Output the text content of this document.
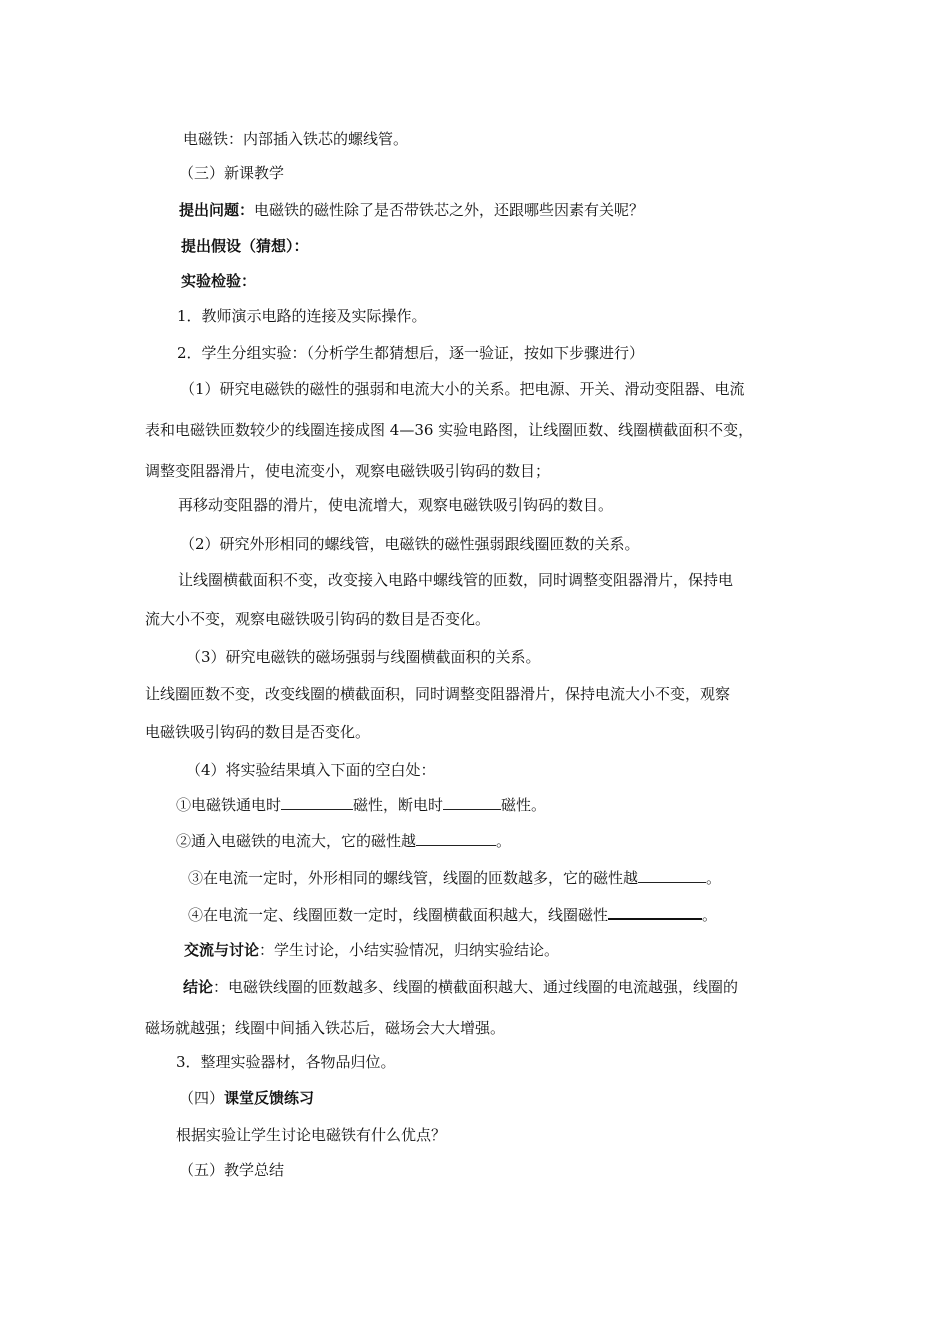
电磁铁：内部插入铁芯的螺线管。
（三）新课教学
提出问题：电磁铁的磁性除了是否带铁芯之外，还跟哪些因素有关呢？
提出假设（猜想）：
实验检验：
1．教师演示电路的连接及实际操作。
2．学生分组实验：（分析学生都猜想后，逐一验证，按如下步骤进行）
（1）研究电磁铁的磁性的强弱和电流大小的关系。把电源、开关、滑动变阻器、电流
表和电磁铁匝数较少的线圈连接成图 4—36 实验电路图，让线圈匝数、线圈横截面积不变，
调整变阻器滑片，使电流变小，观察电磁铁吸引钩码的数目；
再移动变阻器的滑片，使电流增大，观察电磁铁吸引钩码的数目。
（2）研究外形相同的螺线管，电磁铁的磁性强弱跟线圈匝数的关系。
让线圈横截面积不变，改变接入电路中螺线管的匝数，同时调整变阻器滑片，保持电
流大小不变，观察电磁铁吸引钩码的数目是否变化。
（3）研究电磁铁的磁场强弱与线圈横截面积的关系。
让线圈匝数不变，改变线圈的横截面积，同时调整变阻器滑片，保持电流大小不变，观察
电磁铁吸引钩码的数目是否变化。
（4）将实验结果填入下面的空白处：
①电磁铁通电时	磁性，断电时	磁性。
②通入电磁铁的电流大，它的磁性越	。
③在电流一定时，外形相同的螺线管，线圈的匝数越多，它的磁性越	。
④在电流一定、线圈匝数一定时，线圈横截面积越大，线圈磁性	。
交流与讨论：学生讨论，小结实验情况，归纳实验结论。
结论：电磁铁线圈的匝数越多、线圈的横截面积越大、通过线圈的电流越强，线圈的
磁场就越强；线圈中间插入铁芯后，磁场会大大增强。
3．整理实验器材，各物品归位。
（四）课堂反馈练习
根据实验让学生讨论电磁铁有什么优点？
（五）教学总结
